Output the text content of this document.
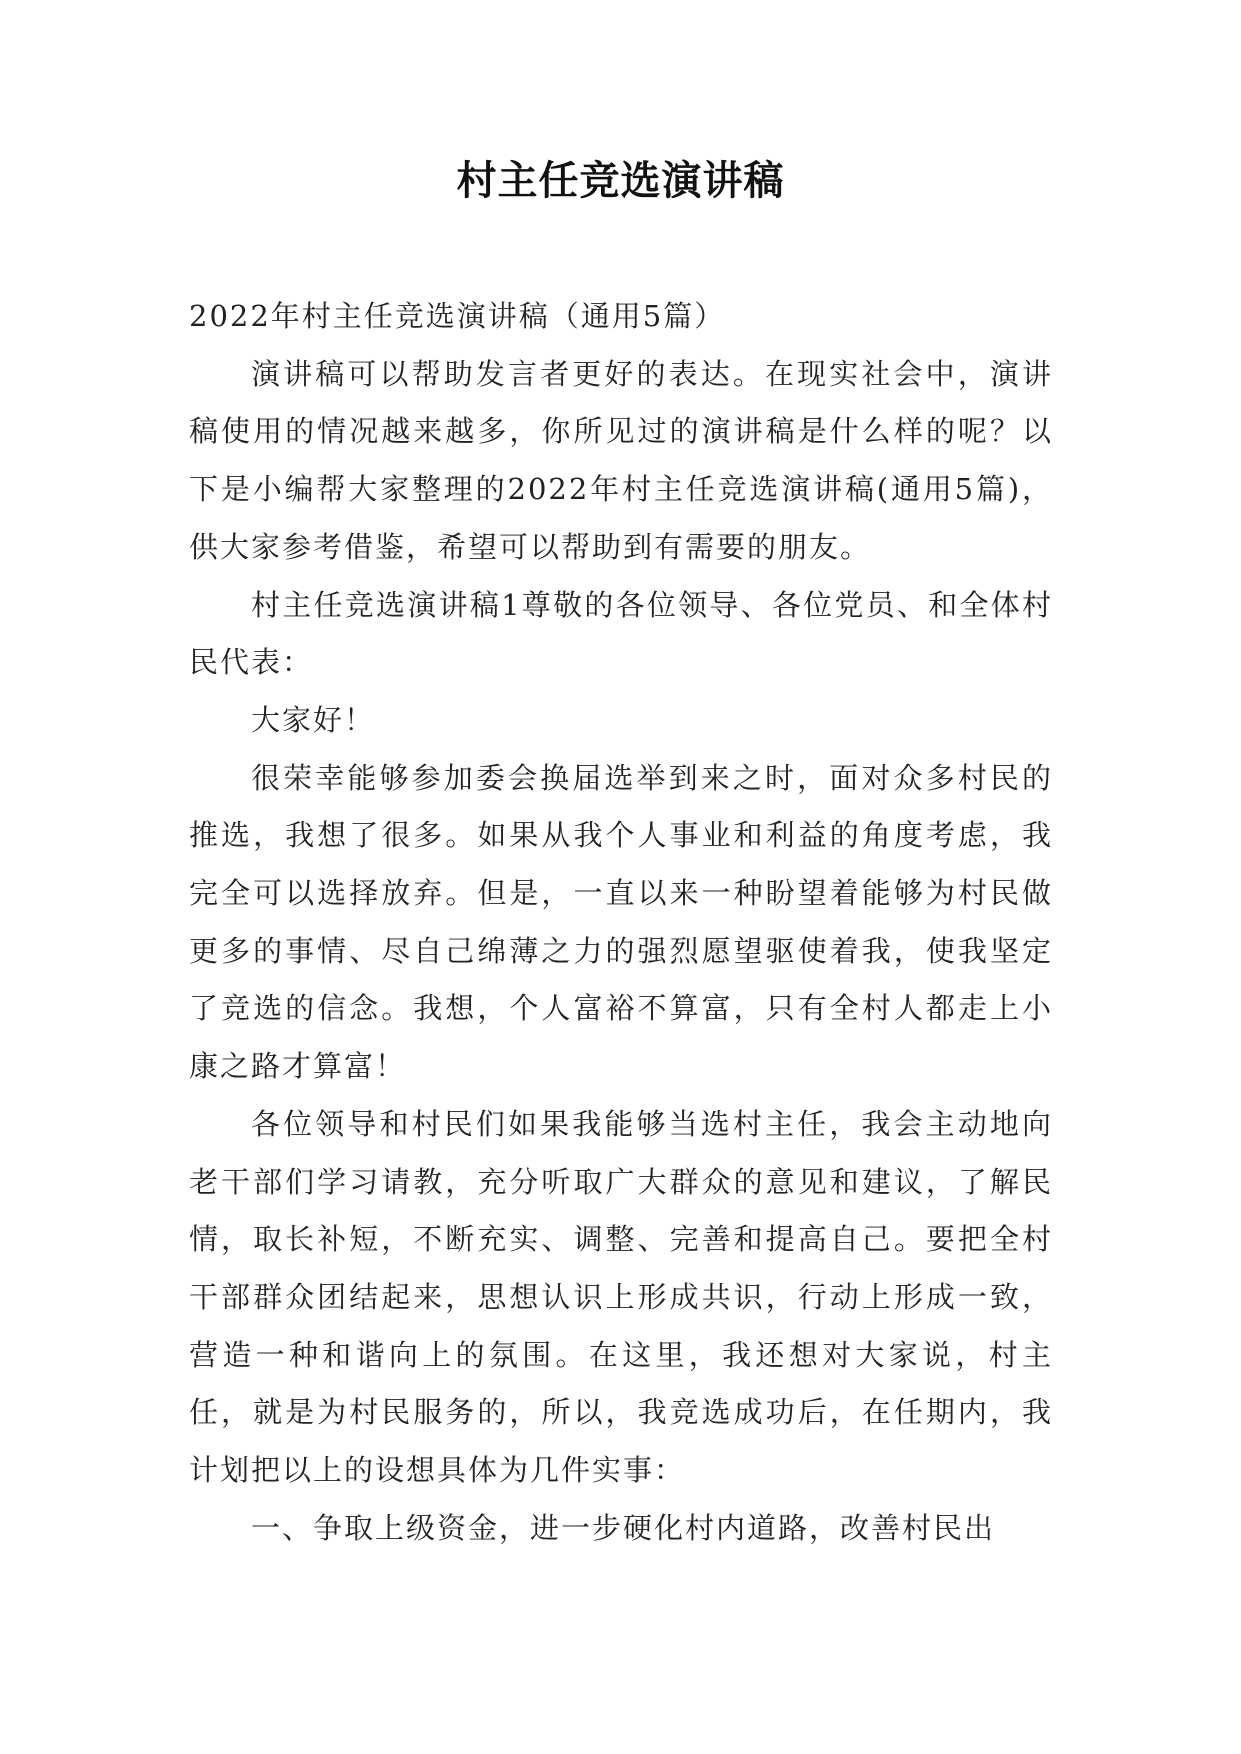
村主任竞选演讲稿

2022年村主任竞选演讲稿（通用5篇）

演讲稿可以帮助发言者更好的表达。在现实社会中，演讲稿使用的情况越来越多，你所见过的演讲稿是什么样的呢？以下是小编帮大家整理的2022年村主任竞选演讲稿(通用5篇)，供大家参考借鉴，希望可以帮助到有需要的朋友。

村主任竞选演讲稿1尊敬的各位领导、各位党员、和全体村民代表：

大家好！

很荣幸能够参加委会换届选举到来之时，面对众多村民的推选，我想了很多。如果从我个人事业和利益的角度考虑，我完全可以选择放弃。但是，一直以来一种盼望着能够为村民做更多的事情、尽自己绵薄之力的强烈愿望驱使着我，使我坚定了竞选的信念。我想，个人富裕不算富，只有全村人都走上小康之路才算富！

各位领导和村民们如果我能够当选村主任，我会主动地向老干部们学习请教，充分听取广大群众的意见和建议，了解民情，取长补短，不断充实、调整、完善和提高自己。要把全村干部群众团结起来，思想认识上形成共识，行动上形成一致，营造一种和谐向上的氛围。在这里，我还想对大家说，村主任，就是为村民服务的，所以，我竞选成功后，在任期内，我计划把以上的设想具体为几件实事：

一、争取上级资金，进一步硬化村内道路，改善村民出
